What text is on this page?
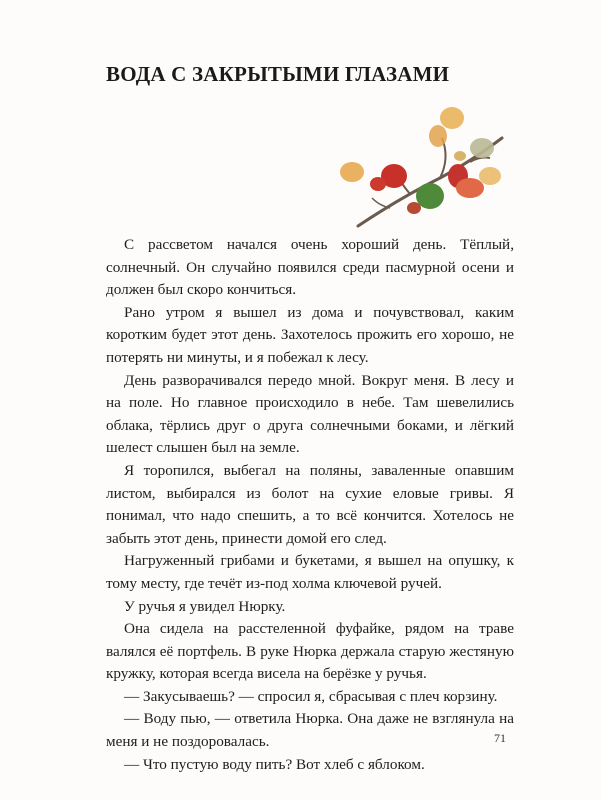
ВОДА С ЗАКРЫТЫМИ ГЛАЗАМИ

С рассветом начался очень хороший день. Тёплый, солнечный. Он случайно появился среди пасмурной осени и должен был скоро кончиться.

Рано утром я вышел из дома и почувствовал, каким коротким будет этот день. Захотелось прожить его хорошо, не потерять ни минуты, и я побежал к лесу.

День разворачивался передо мной. Вокруг меня. В лесу и на поле. Но главное происходило в небе. Там шевелились облака, тёрлись друг о друга солнечными боками, и лёгкий шелест слышен был на земле.

Я торопился, выбегал на поляны, заваленные опавшим листом, выбирался из болот на сухие еловые гривы. Я понимал, что надо спешить, а то всё кончится. Хотелось не забыть этот день, принести домой его след.

Нагруженный грибами и букетами, я вышел на опушку, к тому месту, где течёт из-под холма ключевой ручей.

У ручья я увидел Нюрку.

Она сидела на расстеленной фуфайке, рядом на траве валялся её портфель. В руке Нюрка держала старую жестяную кружку, которая всегда висела на берёзке у ручья.

— Закусываешь? — спросил я, сбрасывая с плеч корзину.

— Воду пью, — ответила Нюрка. Она даже не взглянула на меня и не поздоровалась.

— Что пустую воду пить? Вот хлеб с яблоком.

71
